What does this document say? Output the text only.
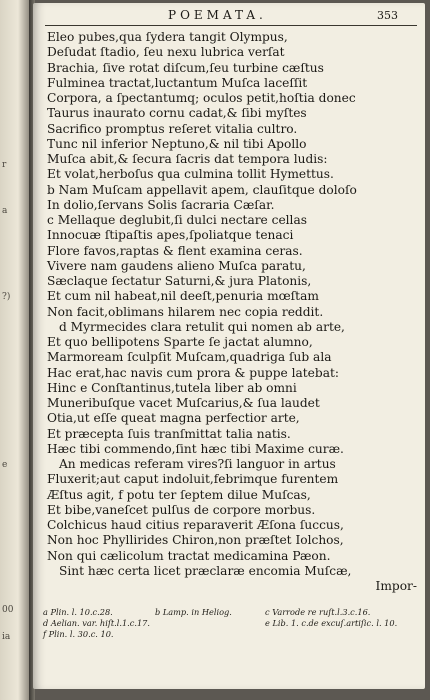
r
a
?)
e
00
ia
POEMATA.	353
Eleo pubes,qua ſydera tangit Olympus,
Deſudat ſtadio, ſeu nexu lubrica verſat
Brachia, ſive rotat diſcum,ſeu turbine cæſtus
Fulminea tractat,luctantum Muſca laceſſit
Corpora, a ſpectantumq; oculos petit,hoſtia donec
Taurus inaurato cornu cadat,& ſibi myſtes
Sacrifico promptus reſeret vitalia cultro.
Tunc nil inferior Neptuno,& nil tibi Apollo
Muſca abit,& ſecura ſacris dat tempora ludis:
Et volat,herboſus qua culmina tollit Hymettus.
b Nam Muſcam appellavit apem, clauſitque doloſo
In dolio,ſervans Solis ſacraria Cæſar.
c Mellaque deglubit,ſi dulci nectare cellas
Innocuæ ſtipaſtis apes,ſpoliatque tenaci
Flore favos,raptas & flent examina ceras.
Vivere nam gaudens alieno Muſca paratu,
Sæclaque ſectatur Saturni,& jura Platonis,
Et cum nil habeat,nil deeſt,penuria mœſtam
Non facit,oblimans hilarem nec copia reddit.
d Myrmecides clara retulit qui nomen ab arte,
Et quo bellipotens Sparte ſe jactat alumno,
Marmoream ſculpſit Muſcam,quadriga ſub ala
Hac erat,hac navis cum prora & puppe latebat:
Hinc e Conſtantinus,tutela liber ab omni
Muneribuſque vacet Muſcarius,& ſua laudet
Otia,ut eſſe queat magna perfectior arte,
Et præcepta ſuis tranſmittat talia natis.
Hæc tibi commendo,ſint hæc tibi Maxime curæ.
An medicas referam vires?ſi languor in artus
Fluxerit;aut caput indoluit,febrimque furentem
Æſtus agit, f potu ter ſeptem dilue Muſcas,
Et bibe,vaneſcet pulſus de corpore morbus.
Colchicus haud citius reparaverit Æſona ſuccus,
Non hoc Phyllirides Chiron,non præſtet Iolchos,
Non qui cælicolum tractat medicamina Pæon.
Sint hæc certa licet præclaræ encomia Muſcæ,
Impor-
a Plin. l. 10.c.28.	b Lamp. in Heliog.	c Varrode re ruſt.l.3.c.16.
d Aelian. var. hiſt.l.1.c.17.	e Lib. 1. c.de excuſ.artiſic. l. 10.
f Plin. l. 30.c. 10.
